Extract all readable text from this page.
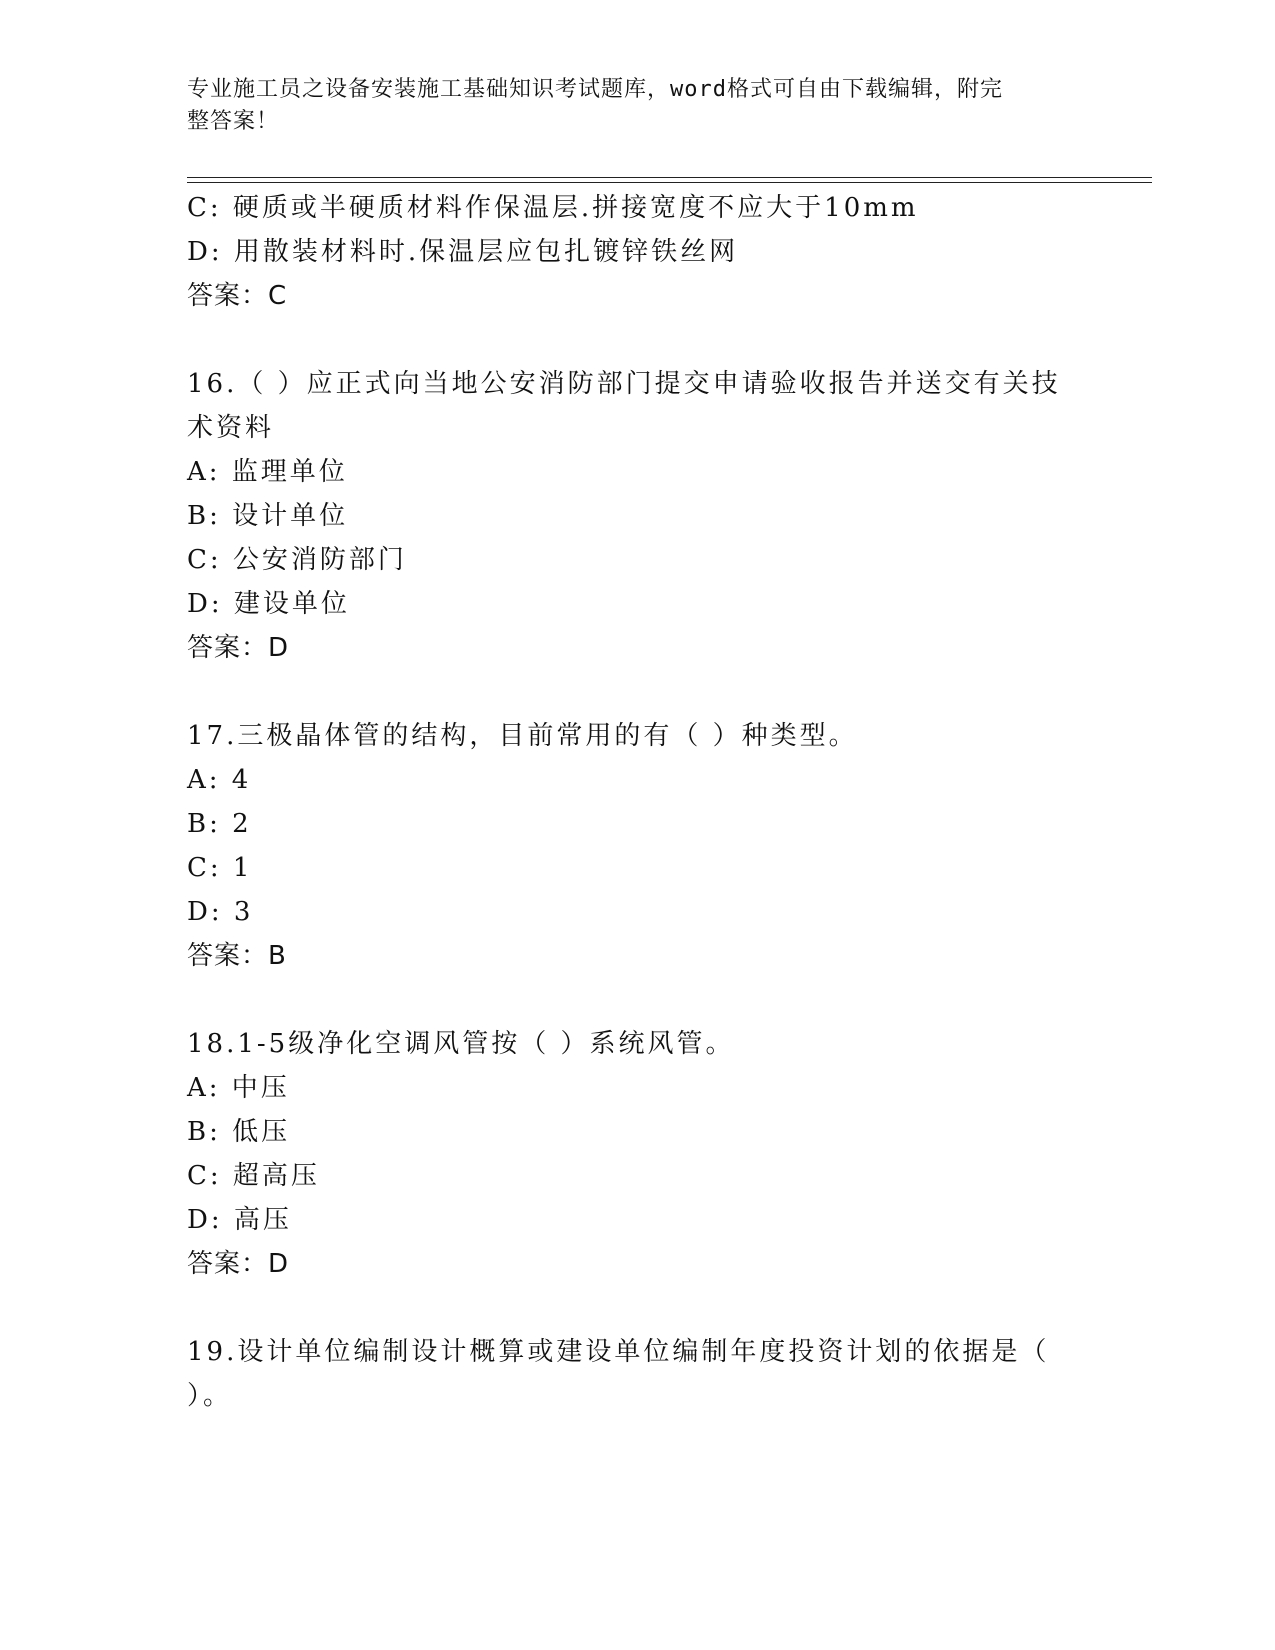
专业施工员之设备安装施工基础知识考试题库，word格式可自由下载编辑，附完
整答案！
C: 硬质或半硬质材料作保温层.拼接宽度不应大于10mm
D: 用散装材料时.保温层应包扎镀锌铁丝网
答案：C
16.（ ）应正式向当地公安消防部门提交申请验收报告并送交有关技
术资料
A: 监理单位
B: 设计单位
C: 公安消防部门
D: 建设单位
答案：D
17.三极晶体管的结构，目前常用的有（ ）种类型。
A: 4
B: 2
C: 1
D: 3
答案：B
18.1-5级净化空调风管按（ ）系统风管。
A: 中压
B: 低压
C: 超高压
D: 高压
答案：D
19.设计单位编制设计概算或建设单位编制年度投资计划的依据是（
）。
